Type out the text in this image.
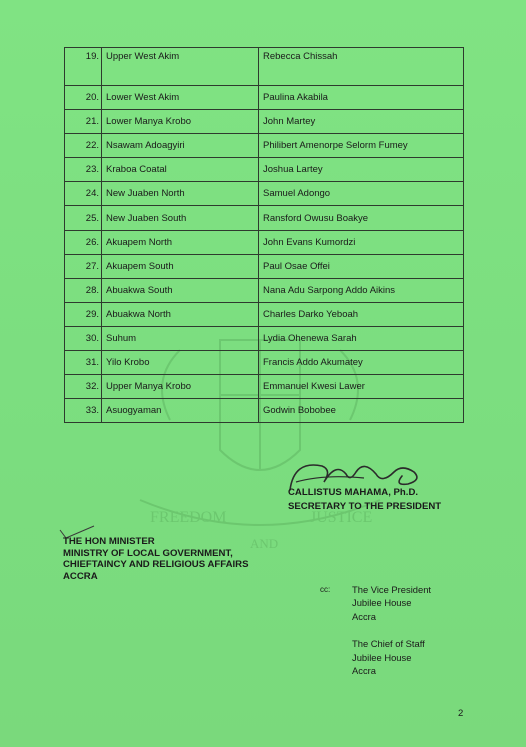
FREEDOM
AND
JUSTICE
19.	Upper West Akim	Rebecca Chissah
20.	Lower West Akim	Paulina Akabila
21.	Lower Manya Krobo	John Martey
22.	Nsawam Adoagyiri	Philibert Amenorpe Selorm Fumey
23.	Kraboa Coatal	Joshua Lartey
24.	New Juaben North	Samuel Adongo
25.	New Juaben South	Ransford Owusu Boakye
26.	Akuapem North	John Evans Kumordzi
27.	Akuapem South	Paul Osae Offei
28.	Abuakwa South	Nana Adu Sarpong Addo Aikins
29.	Abuakwa North	Charles Darko Yeboah
30.	Suhum	Lydia Ohenewa Sarah
31.	Yilo Krobo	Francis Addo Akumatey
32.	Upper Manya Krobo	Emmanuel Kwesi Lawer
33.	Asuogyaman	Godwin Bobobee
CALLISTUS MAHAMA, Ph.D.
SECRETARY TO THE PRESIDENT
THE HON MINISTER
MINISTRY OF LOCAL GOVERNMENT,
CHIEFTAINCY AND RELIGIOUS AFFAIRS
ACCRA
cc: The Vice President
Jubilee House
Accra
The Chief of Staff
Jubilee House
Accra
2
